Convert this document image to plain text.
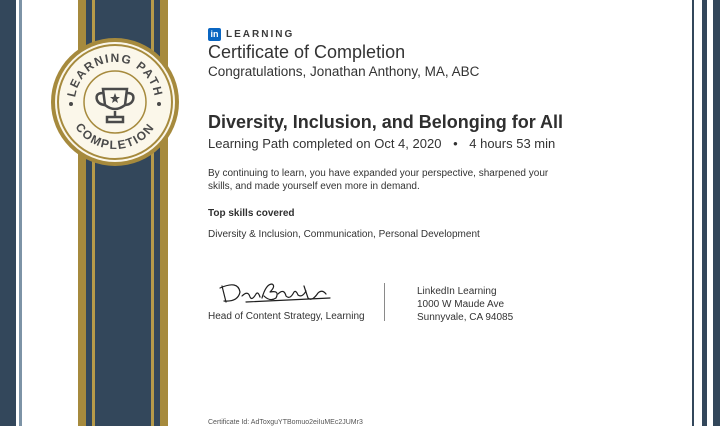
LEARNING PATH
COMPLETION
in LEARNING
Certificate of Completion
Congratulations, Jonathan Anthony, MA, ABC
Diversity, Inclusion, and Belonging for All
Learning Path completed on Oct 4, 2020 • 4 hours 53 min
By continuing to learn, you have expanded your perspective, sharpened your skills, and made yourself even more in demand.
Top skills covered
Diversity & Inclusion, Communication, Personal Development
Head of Content Strategy, Learning
LinkedIn Learning
1000 W Maude Ave
Sunnyvale, CA 94085
Certificate Id: AdToxguYTBomuo2eiIuMEc2JUMr3
